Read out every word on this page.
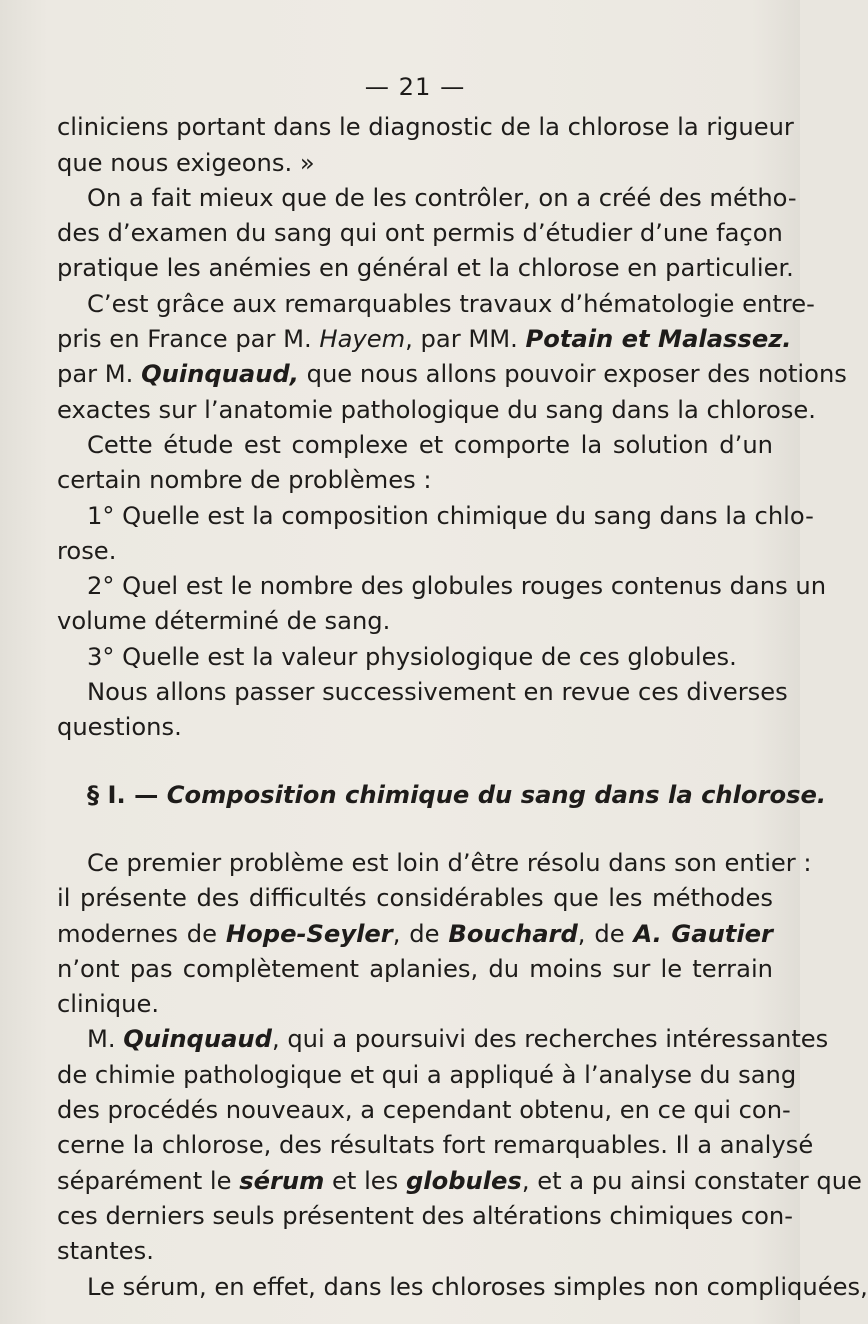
— 21 —
cliniciens portant dans le diagnostic de la chlorose la rigueur
que nous exigeons. »
On a fait mieux que de les contrôler, on a créé des métho-
des d’examen du sang qui ont permis d’étudier d’une façon
pratique les anémies en général et la chlorose en particulier.
C’est grâce aux remarquables travaux d’hématologie entre-
pris en France par M. Hayem, par MM. Potain et Malassez.
par M. Quinquaud, que nous allons pouvoir exposer des notions
exactes sur l’anatomie pathologique du sang dans la chlorose.
Cette étude est complexe et comporte la solution d’un
certain nombre de problèmes :
1° Quelle est la composition chimique du sang dans la chlo-
rose.
2° Quel est le nombre des globules rouges contenus dans un
volume déterminé de sang.
3° Quelle est la valeur physiologique de ces globules.
Nous allons passer successivement en revue ces diverses
questions.
§ I. — Composition chimique du sang dans la chlorose.
Ce premier problème est loin d’être résolu dans son entier :
il présente des difficultés considérables que les méthodes
modernes de Hope-Seyler, de Bouchard, de A. Gautier
n’ont pas complètement aplanies, du moins sur le terrain
clinique.
M. Quinquaud, qui a poursuivi des recherches intéressantes
de chimie pathologique et qui a appliqué à l’analyse du sang
des procédés nouveaux, a cependant obtenu, en ce qui con-
cerne la chlorose, des résultats fort remarquables. Il a analysé
séparément le sérum et les globules, et a pu ainsi constater que
ces derniers seuls présentent des altérations chimiques con-
stantes.
Le sérum, en effet, dans les chloroses simples non compliquées,
